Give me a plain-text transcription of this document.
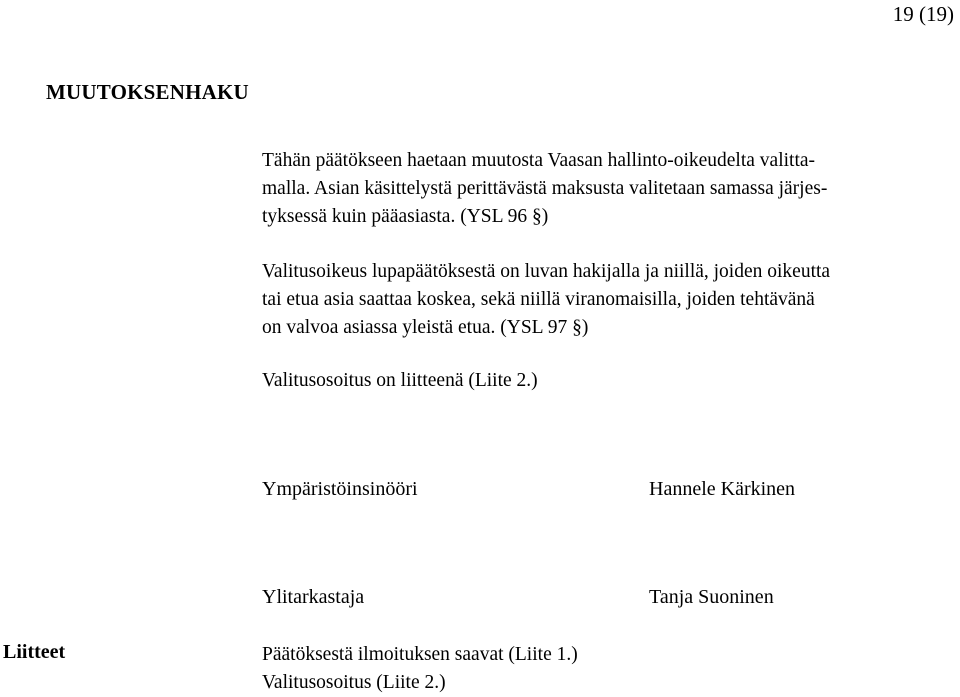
19 (19)
MUUTOKSENHAKU
Tähän päätökseen haetaan muutosta Vaasan hallinto-oikeudelta valitta-
malla. Asian käsittelystä perittävästä maksusta valitetaan samassa järjes-
tyksessä kuin pääasiasta. (YSL 96 §)
Valitusoikeus lupapäätöksestä on luvan hakijalla ja niillä, joiden oikeutta
tai etua asia saattaa koskea, sekä niillä viranomaisilla, joiden tehtävänä
on valvoa asiassa yleistä etua. (YSL 97 §)
Valitusosoitus on liitteenä (Liite 2.)
Ympäristöinsinööri	Hannele Kärkinen
Ylitarkastaja	Tanja Suoninen
Liitteet	Päätöksestä ilmoituksen saavat (Liite 1.)
Valitusosoitus (Liite 2.)
